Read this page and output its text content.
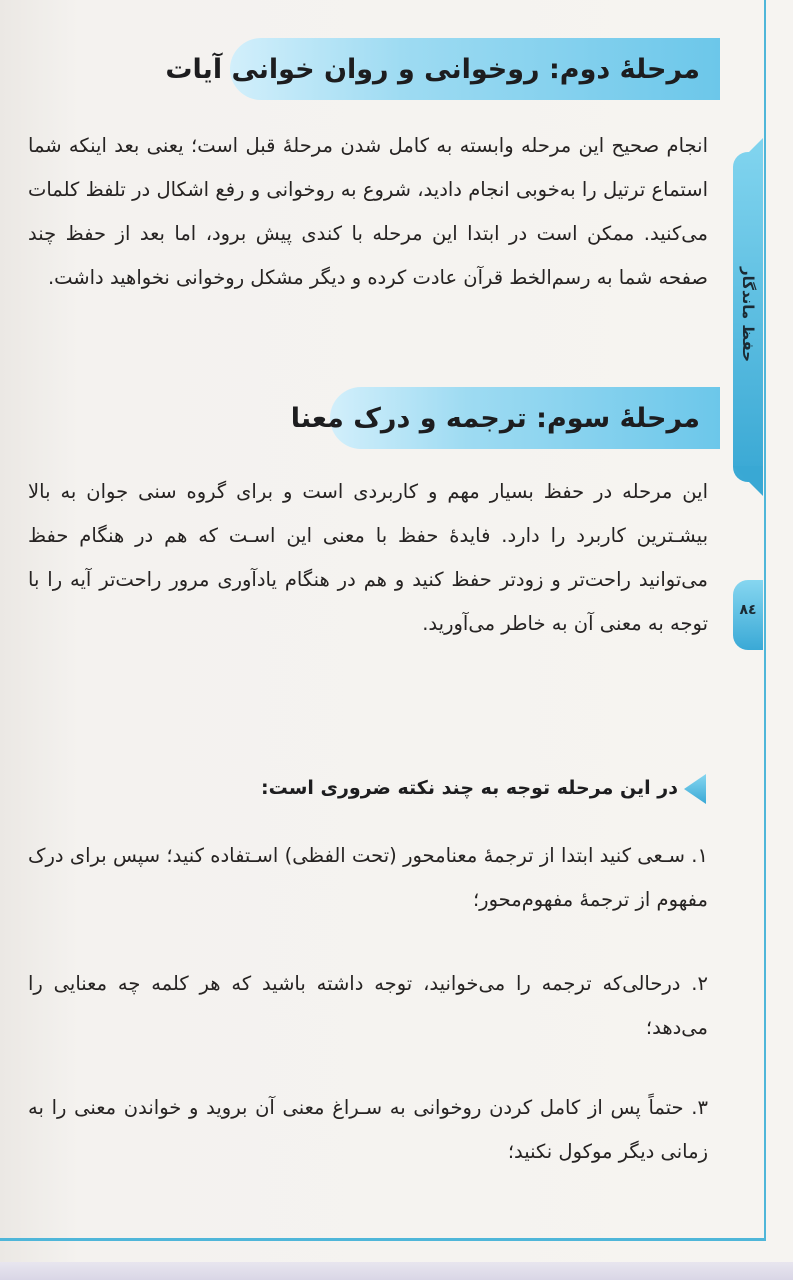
حفظ ماندگار
۸٤
مرحلهٔ دوم: روخوانی و روان خوانی آیات

انجام صحیح این مرحله وابسته به کامل شدن مرحلهٔ قبل است؛ یعنی بعد اینکه شما استماع ترتیل را به‌خوبی انجام دادید، شروع به روخوانی و رفع اشکال در تلفظ کلمات می‌کنید. ممکن است در ابتدا این مرحله با کندی پیش برود، اما بعد از حفظ چند صفحه شما به رسم‌الخط قرآن عادت کرده و دیگر مشکل روخوانی نخواهید داشت.

مرحلهٔ سوم: ترجمه و درک معنا

این مرحله در حفظ بسیار مهم و کاربردی است و برای گروه سنی جوان به بالا بیشـترین کاربرد را دارد. فایدهٔ حفظ با معنی این اسـت که هم در هنگام حفظ می‌توانید راحت‌تر و زودتر حفظ کنید و هم در هنگام یادآوری مرور راحت‌تر آیه را با توجه به معنی آن به خاطر می‌آورید.

در این مرحله توجه به چند نکته ضروری است:

۱. سـعی کنید ابتدا از ترجمهٔ معنامحور (تحت الفظی) اسـتفاده کنید؛ سپس برای درک مفهوم از ترجمهٔ مفهوم‌محور؛

۲. درحالی‌که ترجمه را می‌خوانید، توجه داشته باشید که هر کلمه چه معنایی را می‌دهد؛

۳. حتماً پس از کامل کردن روخوانی به سـراغ معنی آن بروید و خواندن معنی را به زمانی دیگر موکول نکنید؛
